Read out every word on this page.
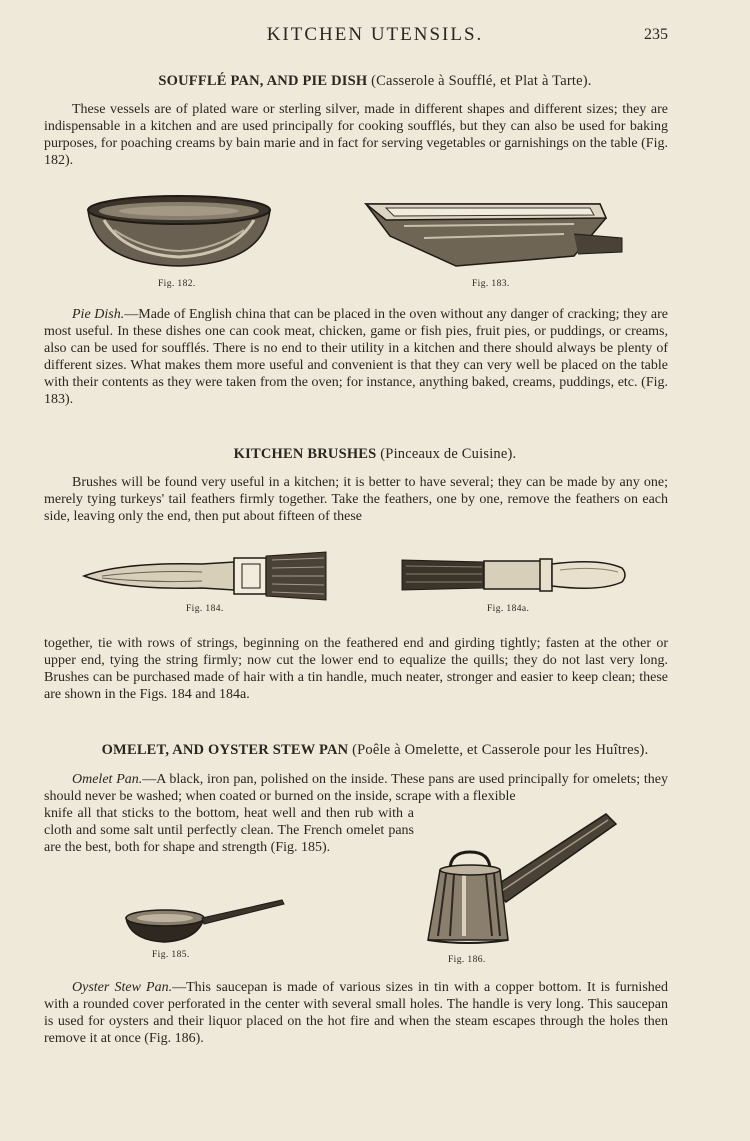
KITCHEN UTENSILS.	235
SOUFFLÉ PAN, AND PIE DISH (Casserole à Soufflé, et Plat à Tarte).

These vessels are of plated ware or sterling silver, made in different shapes and different sizes; they are indispensable in a kitchen and are used principally for cooking soufflés, but they can also be used for baking purposes, for poaching creams by bain marie and in fact for serving vegetables or garnishings on the table (Fig. 182).

Fig. 182.	Fig. 183.

Pie Dish.—Made of English china that can be placed in the oven without any danger of cracking; they are most useful. In these dishes one can cook meat, chicken, game or fish pies, fruit pies, or puddings, or creams, also can be used for soufflés. There is no end to their utility in a kitchen and there should always be plenty of different sizes. What makes them more useful and convenient is that they can very well be placed on the table with their contents as they were taken from the oven; for instance, anything baked, creams, puddings, etc. (Fig. 183).

KITCHEN BRUSHES (Pinceaux de Cuisine).

Brushes will be found very useful in a kitchen; it is better to have several; they can be made by any one; merely tying turkeys' tail feathers firmly together. Take the feathers, one by one, remove the feathers on each side, leaving only the end, then put about fifteen of these

Fig. 184.	Fig. 184a.

together, tie with rows of strings, beginning on the feathered end and girding tightly; fasten at the other or upper end, tying the string firmly; now cut the lower end to equalize the quills; they do not last very long. Brushes can be purchased made of hair with a tin handle, much neater, stronger and easier to keep clean; these are shown in the Figs. 184 and 184a.

OMELET, AND OYSTER STEW PAN (Poêle à Omelette, et Casserole pour les Huîtres).

Omelet Pan.—A black, iron pan, polished on the inside. These pans are used principally for omelets; they should never be washed; when coated or burned on the inside, scrape with a flexible

knife all that sticks to the bottom, heat well and then rub with a cloth and some salt until perfectly clean. The French omelet pans are the best, both for shape and strength (Fig. 185).

Fig. 185.	Fig. 186.

Oyster Stew Pan.—This saucepan is made of various sizes in tin with a copper bottom. It is furnished with a rounded cover perforated in the center with several small holes. The handle is very long. This saucepan is used for oysters and their liquor placed on the hot fire and when the steam escapes through the holes then remove it at once (Fig. 186).
